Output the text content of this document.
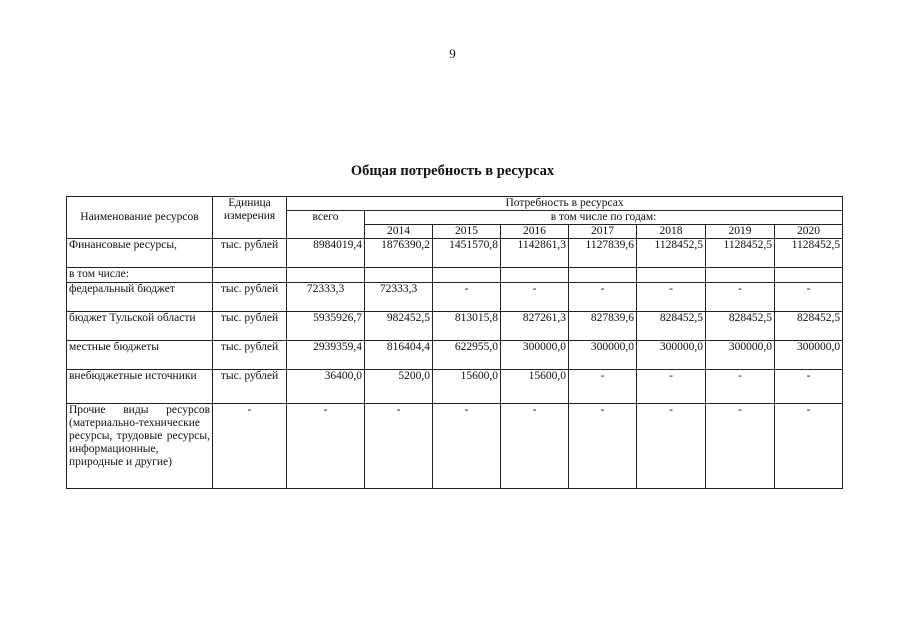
9
Общая потребность в ресурсах
Наименование ресурсов	Единица измерения	Потребность в ресурсах							
		всего	в том числе по годам:						
			2014	2015	2016	2017	2018	2019	2020
Финансовые ресурсы,	тыс. рублей	8984019,4	1876390,2	1451570,8	1142861,3	1127839,6	1128452,5	1128452,5	1128452,5
в том числе:									
федеральный бюджет	тыс. рублей	72333,3	72333,3	-	-	-	-	-	-
бюджет Тульской области	тыс. рублей	5935926,7	982452,5	813015,8	827261,3	827839,6	828452,5	828452,5	828452,5
местные бюджеты	тыс. рублей	2939359,4	816404,4	622955,0	300000,0	300000,0	300000,0	300000,0	300000,0
внебюджетные источники	тыс. рублей	36400,0	5200,0	15600,0	15600,0	-	-	-	-
Прочие виды ресурсов (материально-технические ресурсы, трудовые ресурсы, информационные, природные и другие)	-	-	-	-	-	-	-	-	-
